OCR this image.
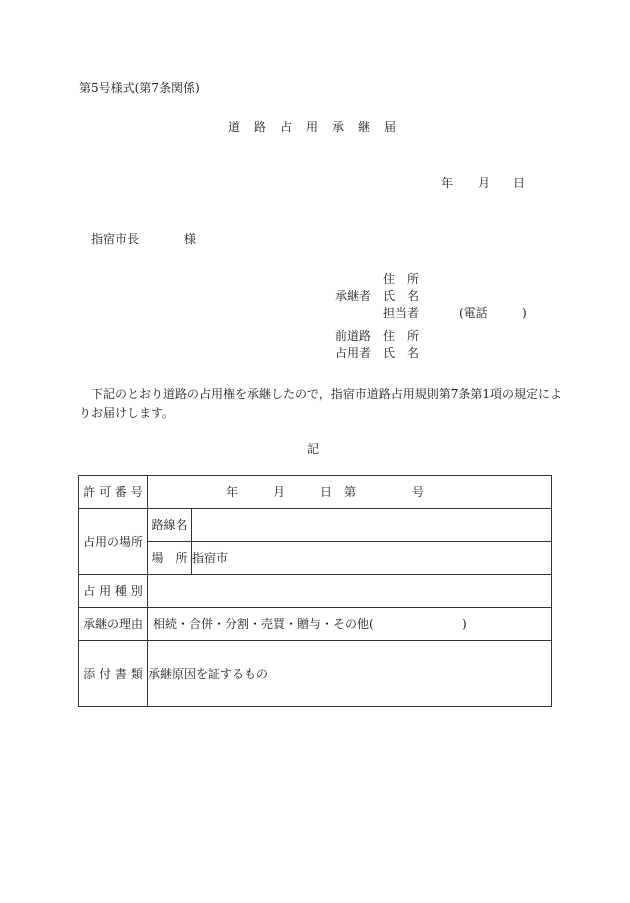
第5号様式(第7条関係)
道　路　占　用　承　継　届
年 月 日
指宿市長	様
住　所
承継者 氏　名
担当者	(電話	)
前道路 住　所
占用者 氏　名
下記のとおり道路の占用権を承継したので，指宿市道路占用規則第7条第1項の規定によ
りお届けします。
記
許 可 番 号	年 月 日 第 号	

占用の場所	路線名	
	場　所	指宿市
占 用 種 別		
承継の理由	相続・合併・分割・売買・贈与・その他( )	

添 付 書 類	承継原因を証するもの	
